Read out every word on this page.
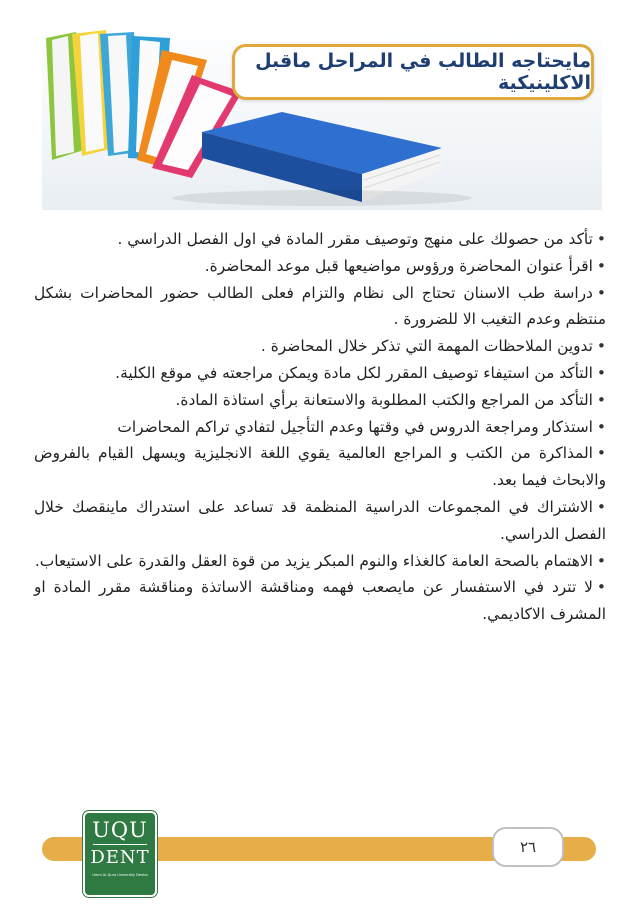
مايحتاجه الطالب في المراحل ماقبل الاكلينيكية
•تأكد من حصولك على منهج وتوصيف مقرر المادة في اول الفصل الدراسي .
•اقرأ عنوان المحاضرة ورؤوس مواضيعها قبل موعد المحاضرة.
•دراسة طب الاسنان تحتاج الى نظام والتزام فعلى الطالب حضور المحاضرات بشكل منتظم وعدم التغيب الا للضرورة .
•تدوين الملاحظات المهمة التي تذكر خلال المحاضرة .
•التأكد من استيفاء توصيف المقرر لكل مادة ويمكن مراجعته في موقع الكلية.
•التأكد من المراجع والكتب المطلوبة والاستعانة برأي استاذة المادة.
•استذكار ومراجعة الدروس في وقتها وعدم التأجيل لتفادي تراكم المحاضرات
•المذاكرة من الكتب و المراجع العالمية يقوي اللغة الانجليزية ويسهل القيام بالفروض والابحاث فيما بعد.
•الاشتراك في المجموعات الدراسية المنظمة قد تساعد على استدراك ماينقصك خلال الفصل الدراسي.
•الاهتمام بالصحة العامة كالغذاء والنوم المبكر يزيد من قوة العقل والقدرة على الاستيعاب.
•لا تترد في الاستفسار عن مايصعب فهمه ومناقشة الاساتذة ومناقشة مقرر المادة او المشرف الاكاديمي.
٢٦
UQU
DENT
Umm Al-Qura University Dental
